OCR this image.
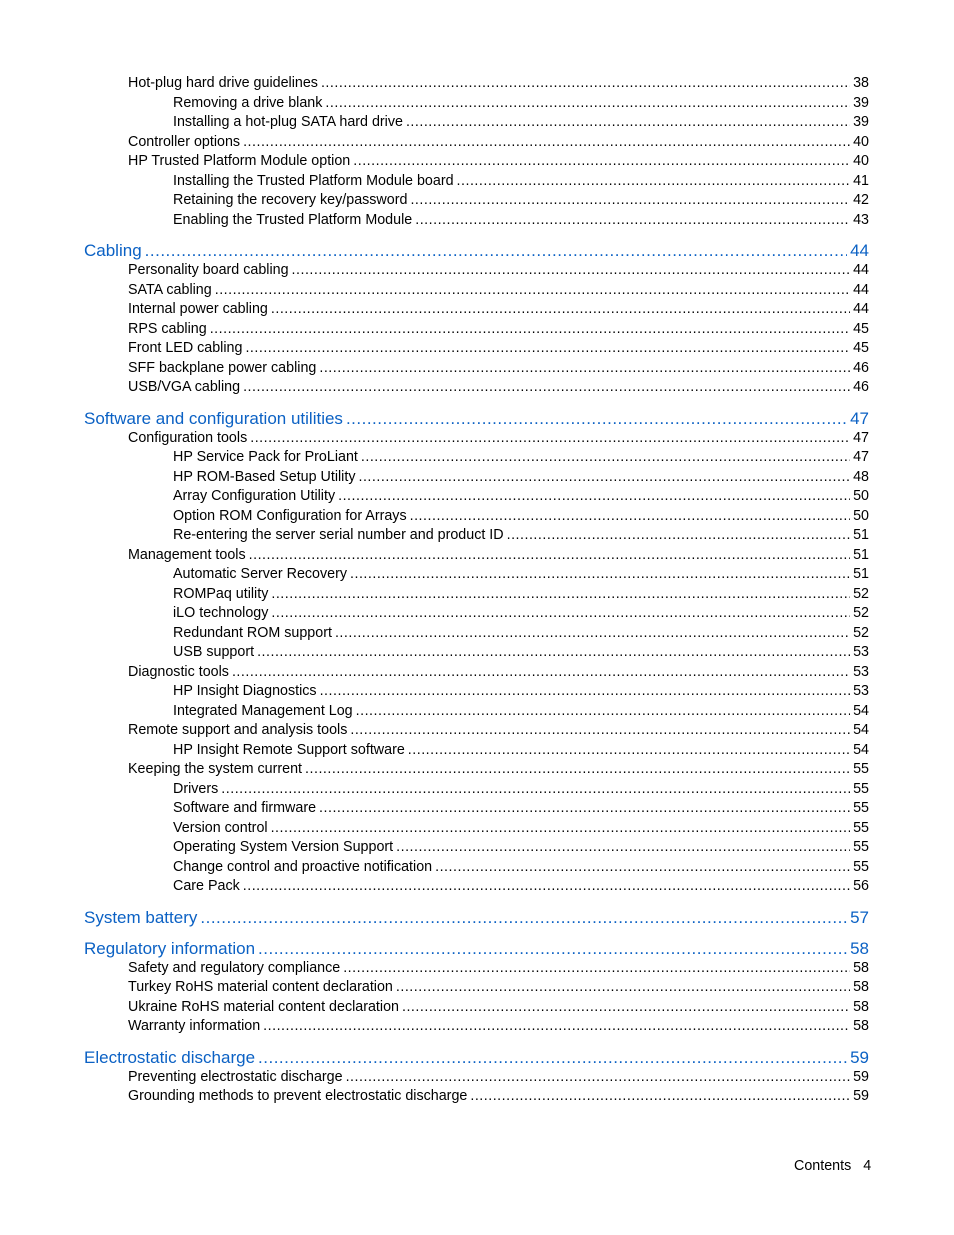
Hot-plug hard drive guidelines .....	38
Removing a drive blank .....	39
Installing a hot-plug SATA hard drive .....	39
Controller options .....	40
HP Trusted Platform Module option .....	40
Installing the Trusted Platform Module board .....	41
Retaining the recovery key/password .....	42
Enabling the Trusted Platform Module .....	43
Cabling .....	44
Personality board cabling .....	44
SATA cabling .....	44
Internal power cabling .....	44
RPS cabling .....	45
Front LED cabling .....	45
SFF backplane power cabling .....	46
USB/VGA cabling .....	46
Software and configuration utilities .....	47
Configuration tools .....	47
HP Service Pack for ProLiant .....	47
HP ROM-Based Setup Utility .....	48
Array Configuration Utility .....	50
Option ROM Configuration for Arrays .....	50
Re-entering the server serial number and product ID .....	51
Management tools .....	51
Automatic Server Recovery .....	51
ROMPaq utility .....	52
iLO technology .....	52
Redundant ROM support .....	52
USB support .....	53
Diagnostic tools .....	53
HP Insight Diagnostics .....	53
Integrated Management Log .....	54
Remote support and analysis tools .....	54
HP Insight Remote Support software .....	54
Keeping the system current .....	55
Drivers .....	55
Software and firmware .....	55
Version control .....	55
Operating System Version Support .....	55
Change control and proactive notification .....	55
Care Pack .....	56
System battery .....	57
Regulatory information .....	58
Safety and regulatory compliance .....	58
Turkey RoHS material content declaration .....	58
Ukraine RoHS material content declaration .....	58
Warranty information .....	58
Electrostatic discharge .....	59
Preventing electrostatic discharge .....	59
Grounding methods to prevent electrostatic discharge .....	59
Contents 4
